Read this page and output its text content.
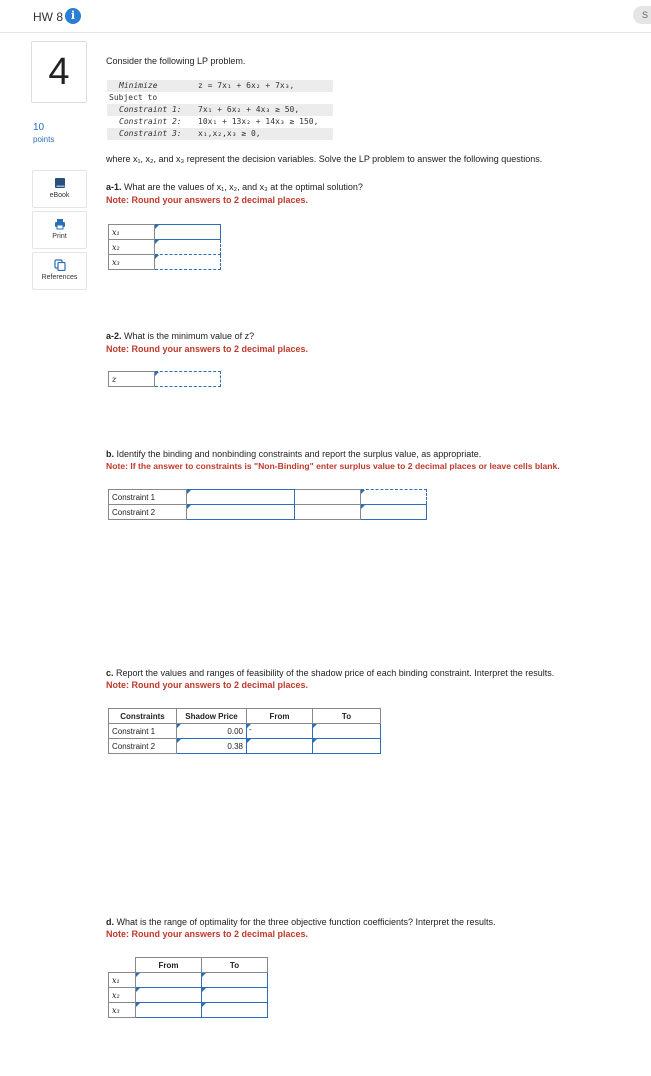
HW 8 i	S
4
10
points
eBook
Print
References
Consider the following LP problem.
Minimize	z = 7x₁ + 6x₂ + 7x₃,
Subject to
Constraint 1: 7x₁ + 6x₂ + 4x₃ ≥ 50,
Constraint 2: 10x₁ + 13x₂ + 14x₃ ≥ 150,
Constraint 3: x₁,x₂,x₃ ≥ 0,
where x₁, x₂, and x₃ represent the decision variables. Solve the LP problem to answer the following questions.
a-1. What are the values of x₁, x₂, and x₃ at the optimal solution?
Note: Round your answers to 2 decimal places.
x₁	
x₂	
x₃	
a-2. What is the minimum value of z?
Note: Round your answers to 2 decimal places.
z	
b. Identify the binding and nonbinding constraints and report the surplus value, as appropriate.
Note: If the answer to constraints is "Non-Binding" enter surplus value to 2 decimal places or leave cells blank.
Constraint 1			
Constraint 2			
c. Report the values and ranges of feasibility of the shadow price of each binding constraint. Interpret the results.
Note: Round your answers to 2 decimal places.
Constraints	Shadow Price	From	To
Constraint 1	0.00	-	

Constraint 2	0.38		
d. What is the range of optimality for the three objective function coefficients? Interpret the results.
Note: Round your answers to 2 decimal places.
	From	To
x₁		
x₂		
x₃		
